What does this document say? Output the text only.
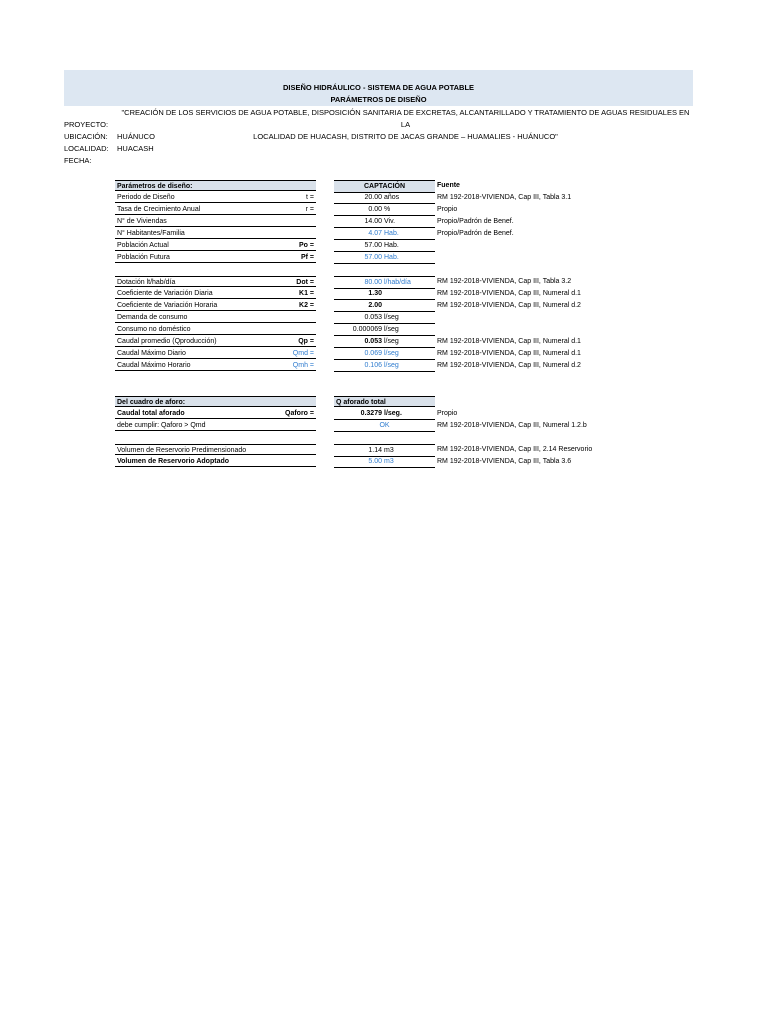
DISEÑO HIDRÁULICO - SISTEMA DE AGUA POTABLE
PARÁMETROS DE DISEÑO
"CREACIÓN DE LOS SERVICIOS DE AGUA POTABLE, DISPOSICIÓN SANITARIA DE EXCRETAS, ALCANTARILLADO Y TRATAMIENTO DE AGUAS RESIDUALES EN LA
LOCALIDAD DE HUACASH, DISTRITO DE JACAS GRANDE – HUAMALIES - HUÁNUCO"
PROYECTO:
UBICACIÓN: HUÁNUCO
LOCALIDAD: HUACASH
FECHA:
Parámetros de diseño:	CAPTACIÓN	Fuente
Periodo de Diseño	t =	20.00 años	RM 192-2018-VIVIENDA, Cap III, Tabla 3.1
Tasa de Crecimiento Anual	r =	0.00 %	Propio
N° de Viviendas	14.00 Viv.	Propio/Padrón de Benef.
N° Habitantes/Familia	4.07 Hab.	Propio/Padrón de Benef.
Población Actual	Po =	57.00 Hab.
Población Futura	Pf =	57.00 Hab.
Dotación lt/hab/día	Dot =	80.00 l/hab/día	RM 192-2018-VIVIENDA, Cap III, Tabla 3.2
Coeficiente de Variación Diaria	K1 =	1.30	RM 192-2018-VIVIENDA, Cap III, Numeral d.1
Coeficiente de Variación Horaria	K2 =	2.00	RM 192-2018-VIVIENDA, Cap III, Numeral d.2
Demanda de consumo	0.053 l/seg
Consumo no doméstico	0.000069 l/seg
Caudal promedio (Qproducción)	Qp =	0.053 l/seg	RM 192-2018-VIVIENDA, Cap III, Numeral d.1
Caudal Máximo Diario	Qmd =	0.069 l/seg	RM 192-2018-VIVIENDA, Cap III, Numeral d.1
Caudal Máximo Horario	Qmh =	0.106 l/seg	RM 192-2018-VIVIENDA, Cap III, Numeral d.2
Del cuadro de aforo:	Q aforado total
Caudal total aforado	Qaforo =	0.3279 l/seg.	Propio
debe cumplir: Qaforo > Qmd	OK	RM 192-2018-VIVIENDA, Cap III, Numeral 1.2.b
Volumen de Reservorio Predimensionado	1.14 m3	RM 192-2018-VIVIENDA, Cap III, 2.14 Reservorio
Volumen de Reservorio Adoptado	5.00 m3	RM 192-2018-VIVIENDA, Cap III, Tabla 3.6
